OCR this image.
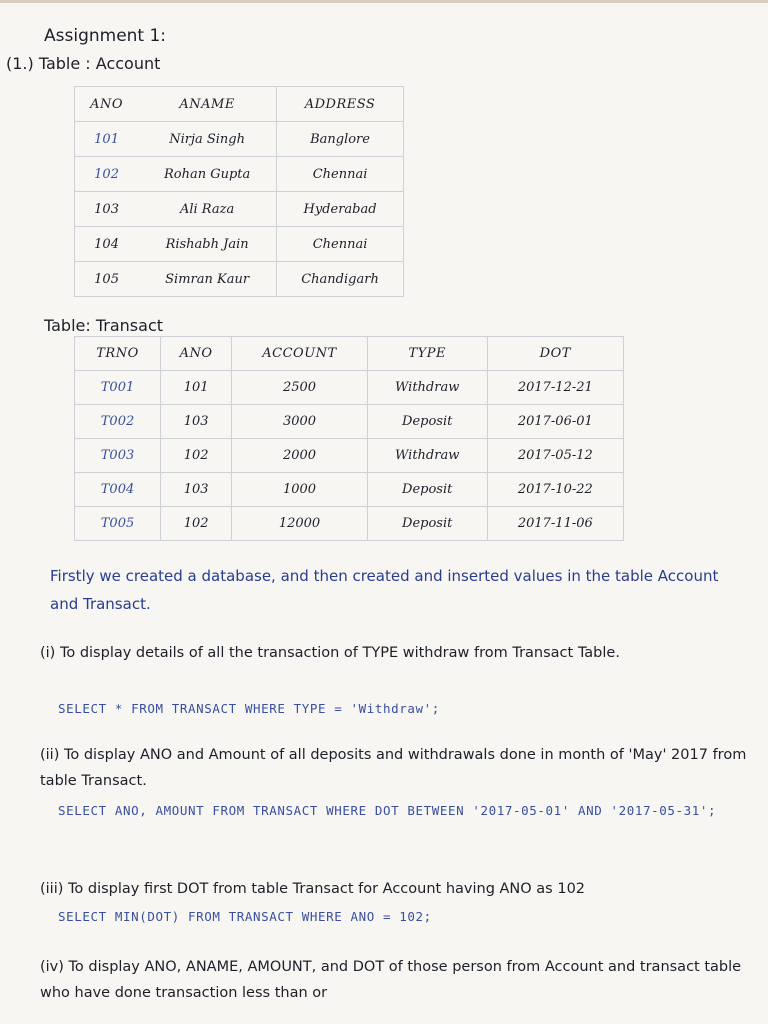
Assignment 1:
(1.) Table : Account
ANO	ANAME	ADDRESS
101	Nirja Singh	Banglore
102	Rohan Gupta	Chennai
103	Ali Raza	Hyderabad
104	Rishabh Jain	Chennai
105	Simran Kaur	Chandigarh
Table: Transact
TRNO	ANO	ACCOUNT	TYPE	DOT
T001	101	2500	Withdraw	2017-12-21
T002	103	3000	Deposit	2017-06-01
T003	102	2000	Withdraw	2017-05-12
T004	103	1000	Deposit	2017-10-22
T005	102	12000	Deposit	2017-11-06
Firstly we created a database, and then created and inserted values in the table Account and Transact.
(i) To display details of all the transaction of TYPE withdraw from Transact Table.
SELECT * FROM TRANSACT WHERE TYPE = 'Withdraw';
(ii) To display ANO and Amount of all deposits and withdrawals done in month of 'May' 2017 from table Transact.
SELECT ANO, AMOUNT FROM TRANSACT WHERE DOT BETWEEN '2017-05-01' AND '2017-05-31';
(iii) To display first DOT from table Transact for Account having ANO as 102
SELECT MIN(DOT) FROM TRANSACT WHERE ANO = 102;
(iv) To display ANO, ANAME, AMOUNT, and DOT of those person from Account and transact table who have done transaction less than or
